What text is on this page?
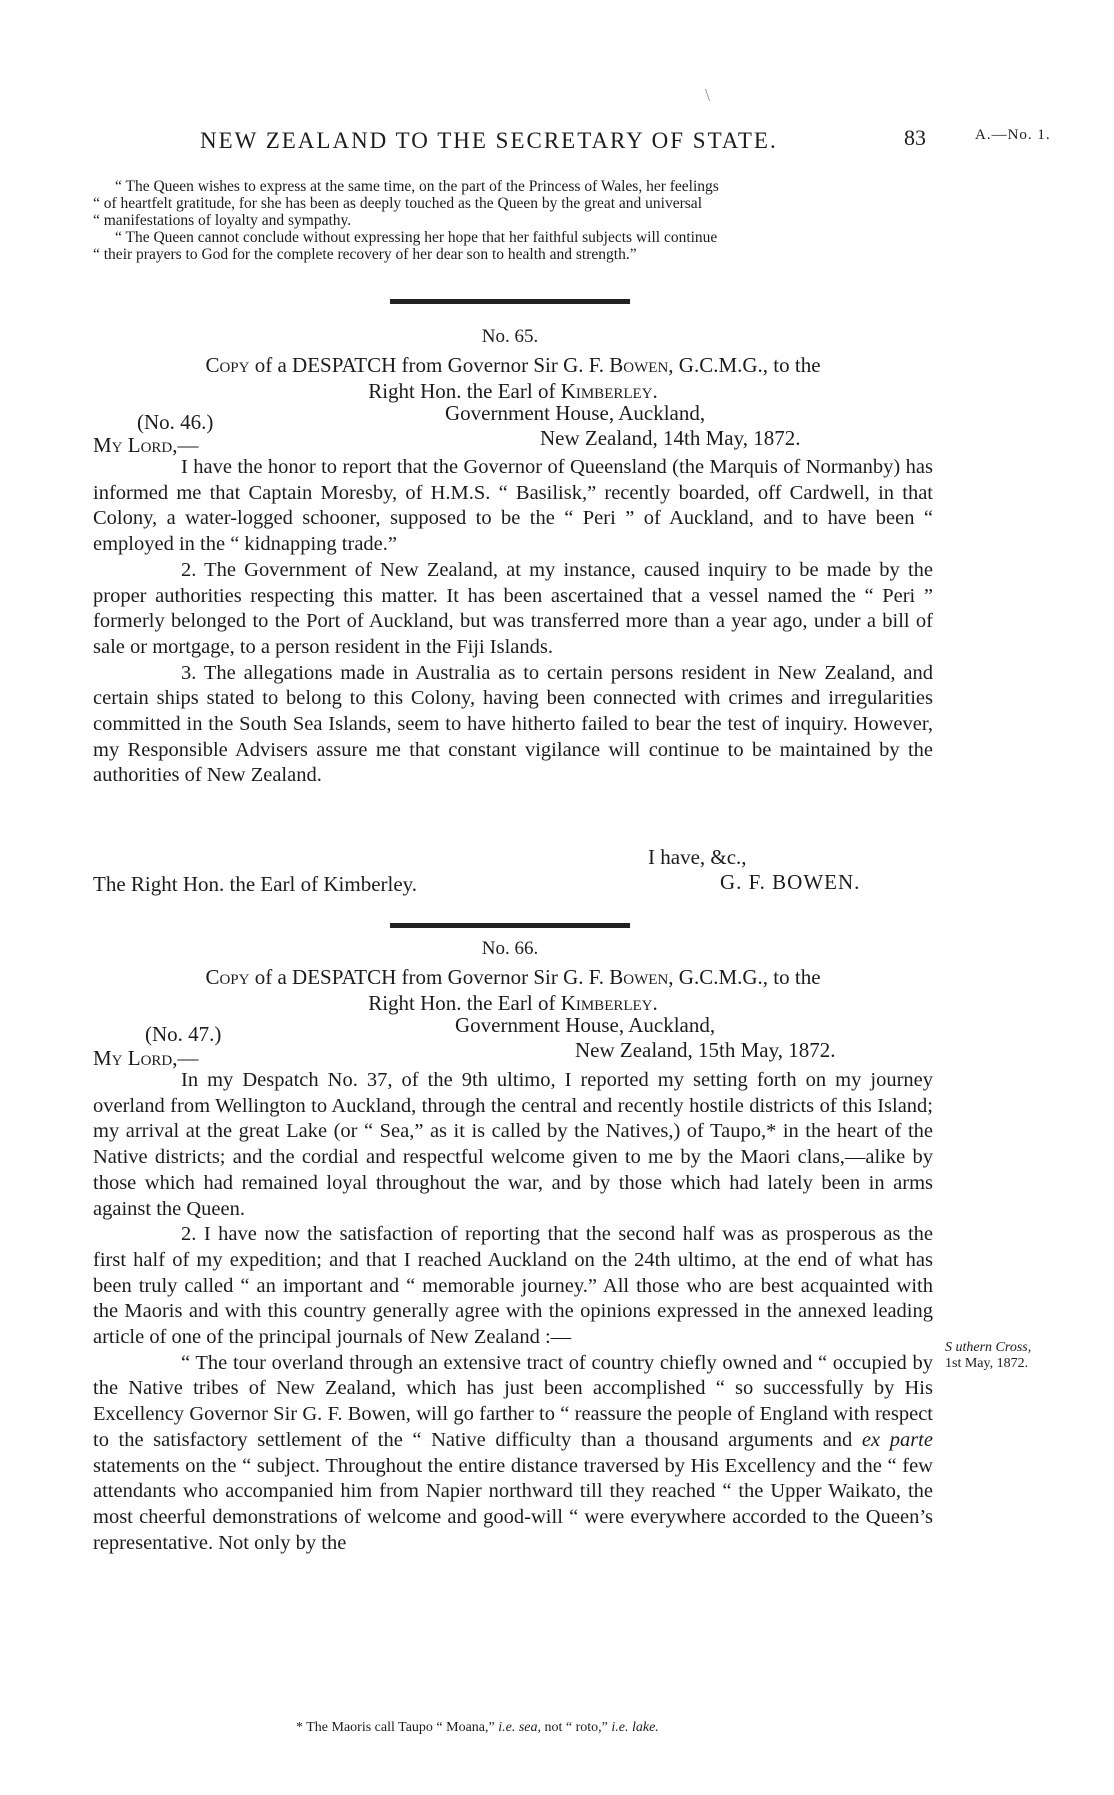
\
NEW ZEALAND TO THE SECRETARY OF STATE.	83	A.—No. 1.

“ The Queen wishes to express at the same time, on the part of the Princess of Wales, her feelings
“ of heartfelt gratitude, for she has been as deeply touched as the Queen by the great and universal
“ manifestations of loyalty and sympathy.

“ The Queen cannot conclude without expressing her hope that her faithful subjects will continue
“ their prayers to God for the complete recovery of her dear son to health and strength.”

No. 65.
Copy of a DESPATCH from Governor Sir G. F. Bowen, G.C.M.G., to the
Right Hon. the Earl of Kimberley.
(No. 46.)	Government House, Auckland,
New Zealand, 14th May, 1872.
My Lord,—

I have the honor to report that the Governor of Queensland (the Marquis of Normanby) has informed me that Captain Moresby, of H.M.S. “ Basilisk,” recently boarded, off Cardwell, in that Colony, a water-logged schooner, supposed to be the “ Peri ” of Auckland, and to have been “ employed in the “ kidnapping trade.”

2. The Government of New Zealand, at my instance, caused inquiry to be made by the proper authorities respecting this matter. It has been ascertained that a vessel named the “ Peri ” formerly belonged to the Port of Auckland, but was transferred more than a year ago, under a bill of sale or mortgage, to a person resident in the Fiji Islands.

3. The allegations made in Australia as to certain persons resident in New Zealand, and certain ships stated to belong to this Colony, having been connected with crimes and irregularities committed in the South Sea Islands, seem to have hitherto failed to bear the test of inquiry. However, my Responsible Advisers assure me that constant vigilance will continue to be maintained by the authorities of New Zealand.

I have, &c.,
G. F. BOWEN.
The Right Hon. the Earl of Kimberley.
No. 66.
Copy of a DESPATCH from Governor Sir G. F. Bowen, G.C.M.G., to the
Right Hon. the Earl of Kimberley.
(No. 47.)	Government House, Auckland,
New Zealand, 15th May, 1872.
My Lord,—

In my Despatch No. 37, of the 9th ultimo, I reported my setting forth on my journey overland from Wellington to Auckland, through the central and recently hostile districts of this Island; my arrival at the great Lake (or “ Sea,” as it is called by the Natives,) of Taupo,* in the heart of the Native districts; and the cordial and respectful welcome given to me by the Maori clans,—alike by those which had remained loyal throughout the war, and by those which had lately been in arms against the Queen.

2. I have now the satisfaction of reporting that the second half was as prosperous as the first half of my expedition; and that I reached Auckland on the 24th ultimo, at the end of what has been truly called “ an important and “ memorable journey.” All those who are best acquainted with the Maoris and with this country generally agree with the opinions expressed in the annexed leading article of one of the principal journals of New Zealand :—

“ The tour overland through an extensive tract of country chiefly owned and “ occupied by the Native tribes of New Zealand, which has just been accomplished “ so successfully by His Excellency Governor Sir G. F. Bowen, will go farther to “ reassure the people of England with respect to the satisfactory settlement of the “ Native difficulty than a thousand arguments and ex parte statements on the “ subject. Throughout the entire distance traversed by His Excellency and the “ few attendants who accompanied him from Napier northward till they reached “ the Upper Waikato, the most cheerful demonstrations of welcome and good-will “ were everywhere accorded to the Queen’s representative. Not only by the

S uthern Cross,
1st May, 1872.
* The Maoris call Taupo “ Moana,” i.e. sea, not “ roto,” i.e. lake.
